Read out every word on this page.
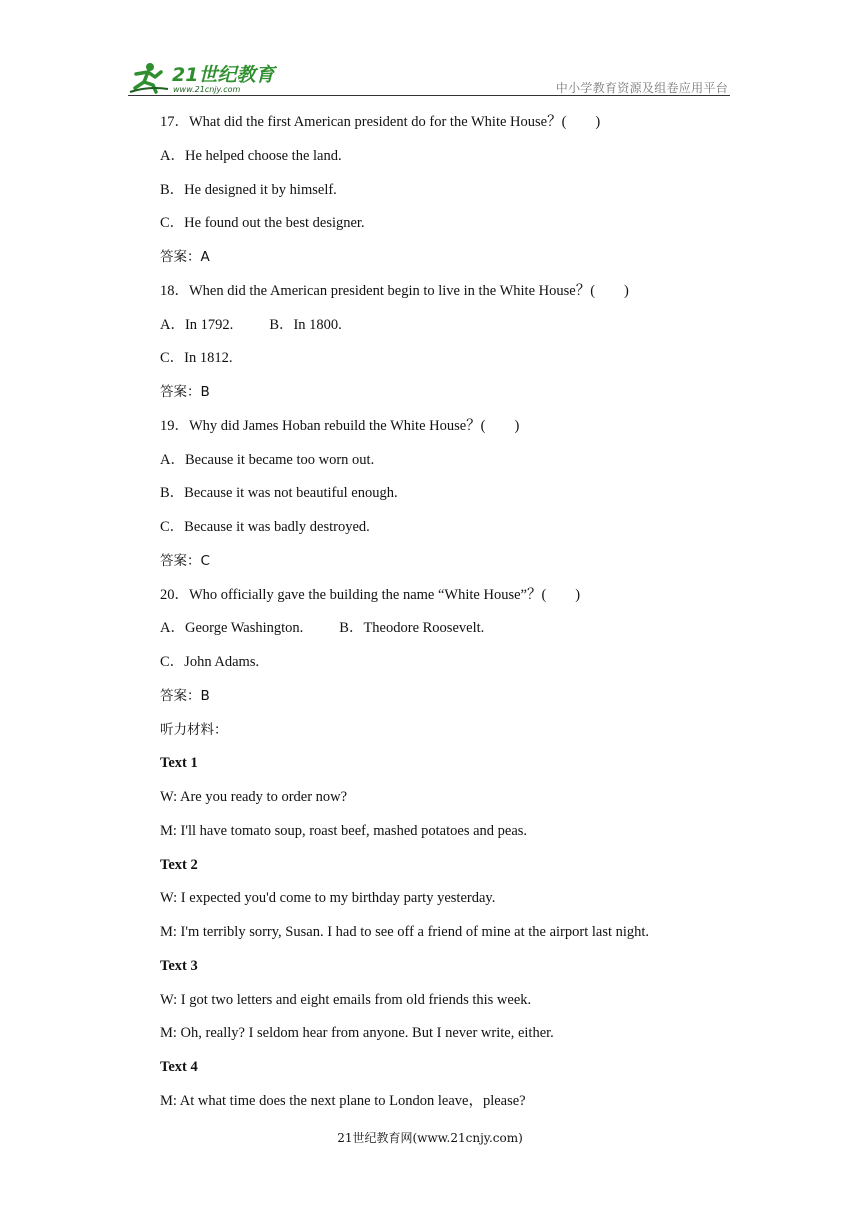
21世纪教育
www.21cnjy.com	中小学教育资源及组卷应用平台
17．What did the first American president do for the White House？(        )
A．He helped choose the land.
B．He designed it by himself.
C．He found out the best designer.
答案：A
18．When did the American president begin to live in the White House？(        )
A．In 1792. B．In 1800.
C．In 1812.
答案：B
19．Why did James Hoban rebuild the White House？(        )
A．Because it became too worn out.
B．Because it was not beautiful enough.
C．Because it was badly destroyed.
答案：C
20．Who officially gave the building the name “White House”？(        )
A．George Washington. B．Theodore Roosevelt.
C．John Adams.
答案：B
听力材料：
Text 1
W: Are you ready to order now?
M: I'll have tomato soup, roast beef, mashed potatoes and peas.
Text 2
W: I expected you'd come to my birthday party yesterday.
M: I'm terribly sorry, Susan. I had to see off a friend of mine at the airport last night.
Text 3
W: I got two letters and eight emails from old friends this week.
M: Oh, really? I seldom hear from anyone. But I never write, either.
Text 4
M: At what time does the next plane to London leave，please?
21世纪教育网(www.21cnjy.com)
